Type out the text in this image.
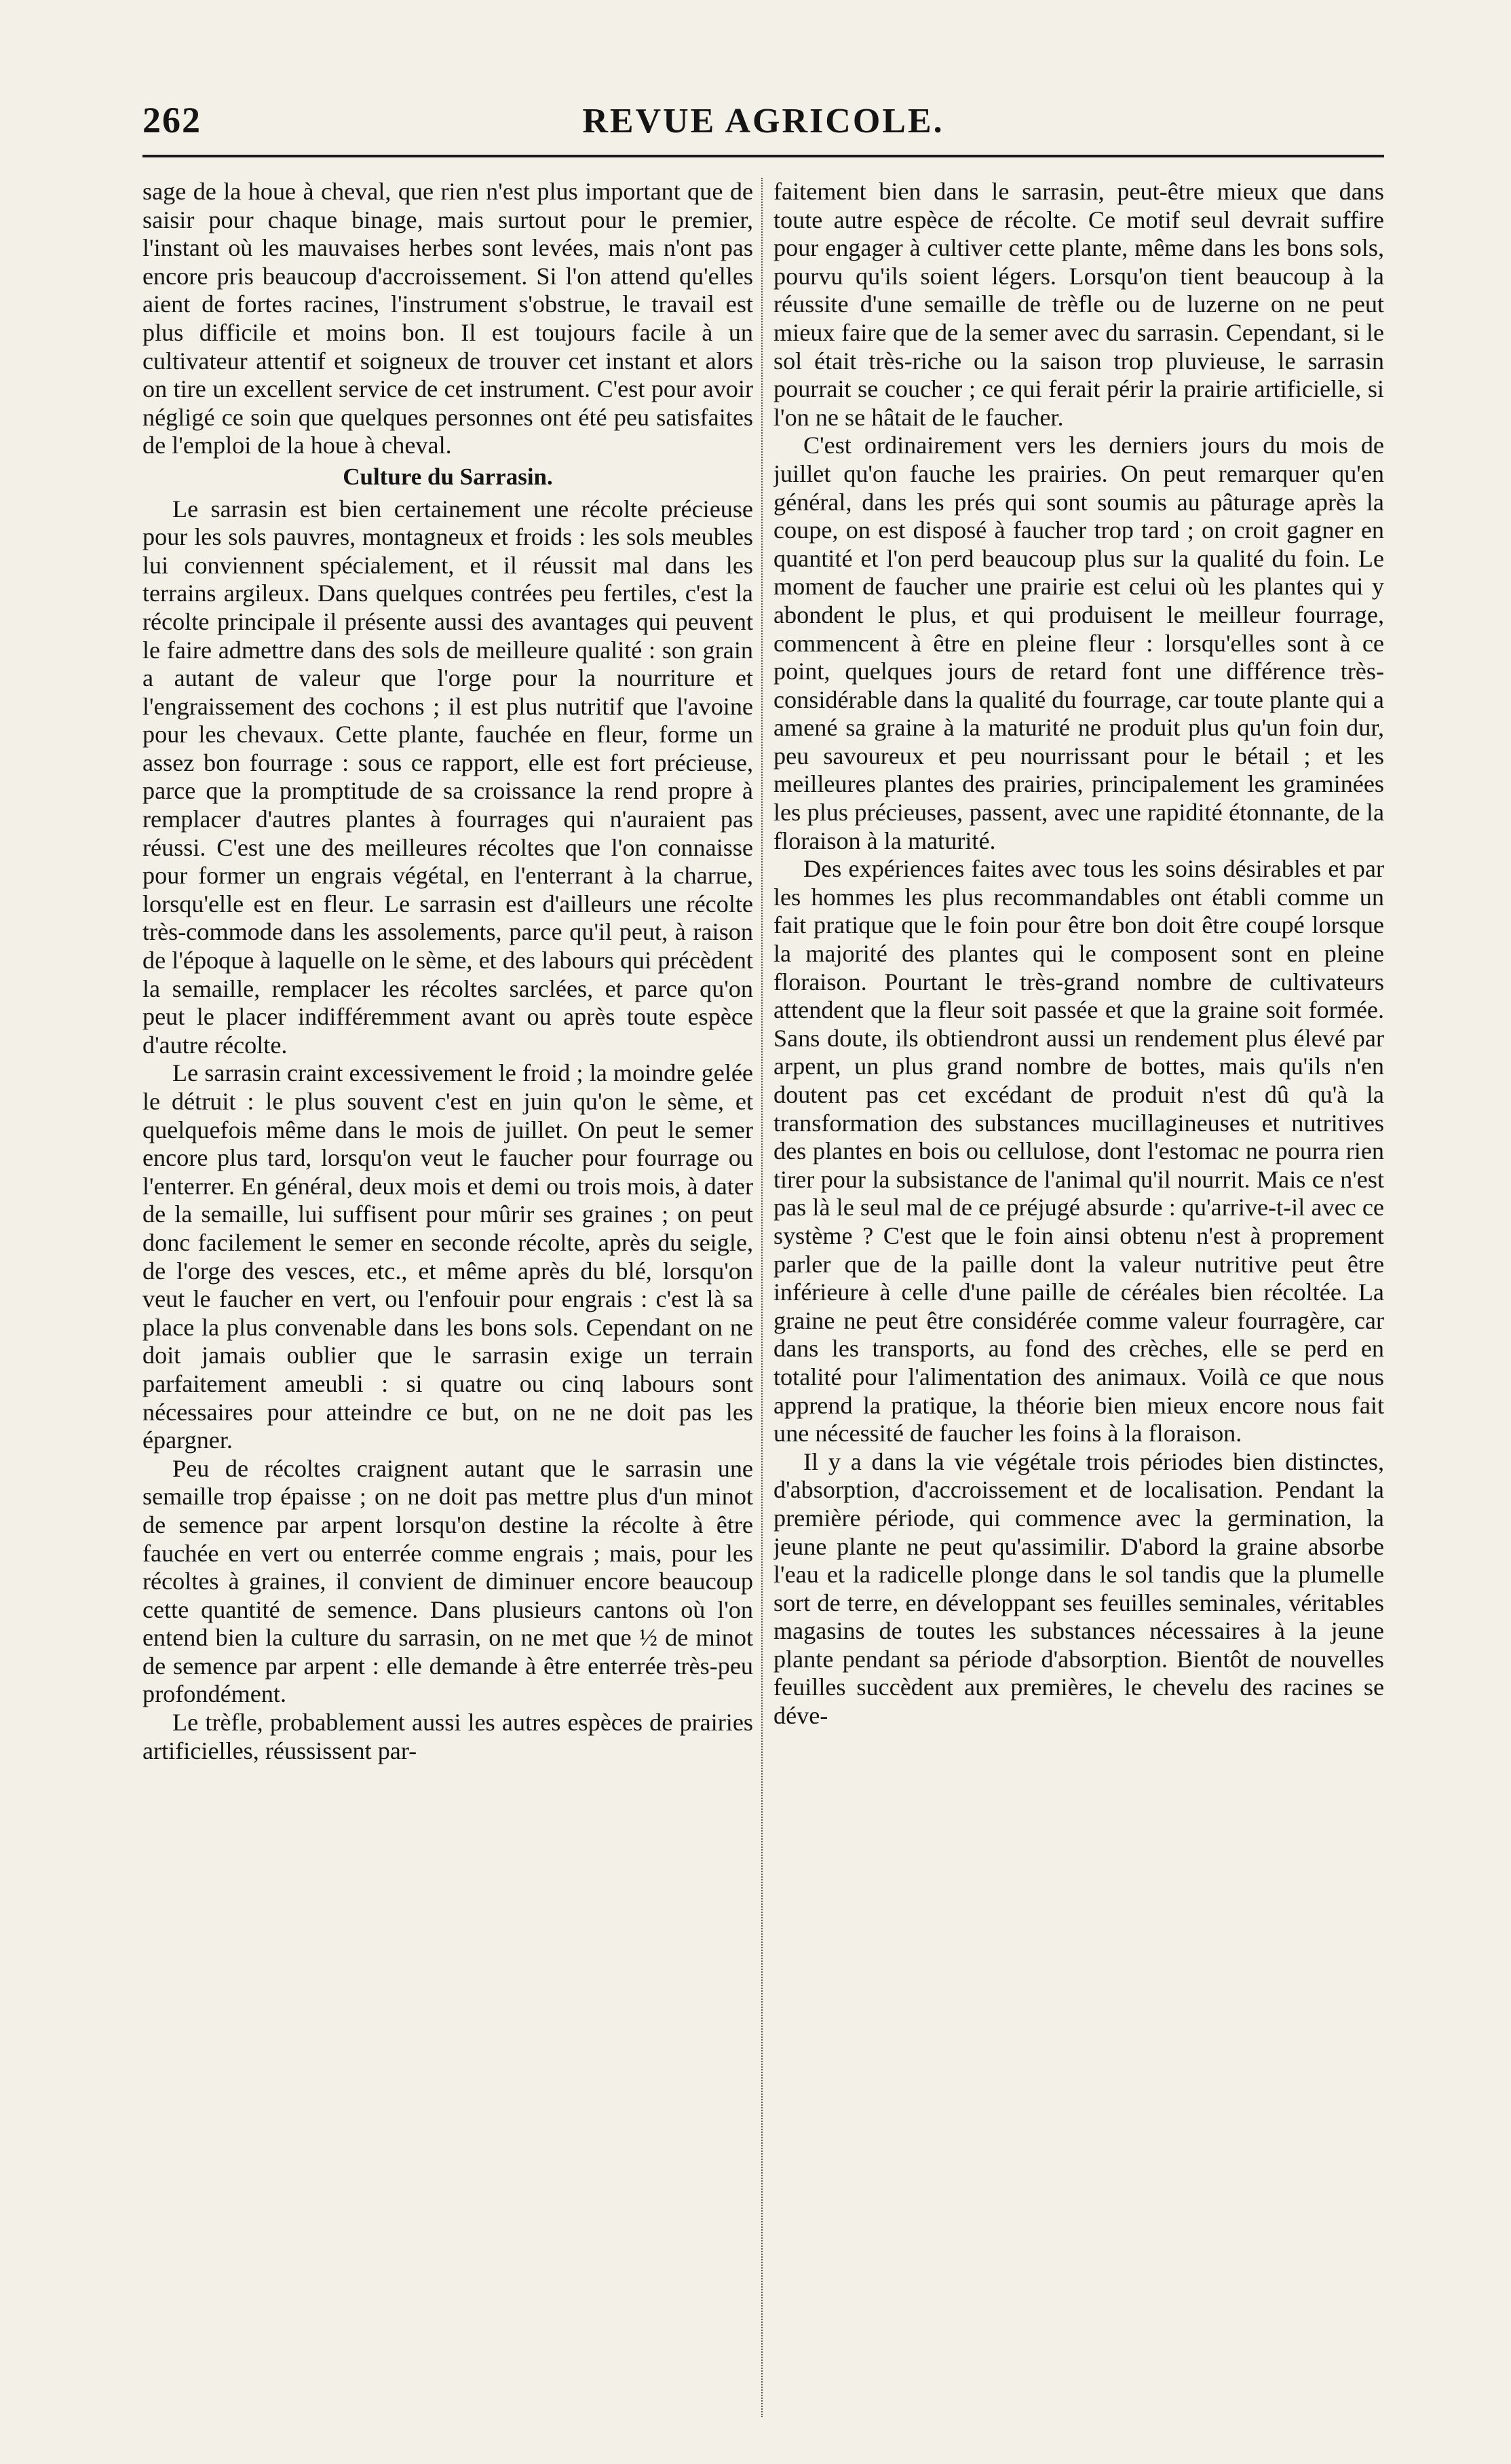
262	REVUE AGRICOLE.

sage de la houe à cheval, que rien n'est plus important que de saisir pour chaque binage, mais surtout pour le premier, l'instant où les mauvaises herbes sont levées, mais n'ont pas encore pris beaucoup d'accroissement. Si l'on attend qu'elles aient de fortes racines, l'instrument s'obstrue, le travail est plus difficile et moins bon. Il est toujours facile à un cultivateur attentif et soigneux de trouver cet instant et alors on tire un excellent service de cet instrument. C'est pour avoir négligé ce soin que quelques personnes ont été peu satisfaites de l'emploi de la houe à cheval.

Culture du Sarrasin.

Le sarrasin est bien certainement une récolte précieuse pour les sols pauvres, montagneux et froids : les sols meubles lui conviennent spécialement, et il réussit mal dans les terrains argileux. Dans quelques contrées peu fertiles, c'est la récolte principale il présente aussi des avantages qui peuvent le faire admettre dans des sols de meilleure qualité : son grain a autant de valeur que l'orge pour la nourriture et l'engraissement des cochons ; il est plus nutritif que l'avoine pour les chevaux. Cette plante, fauchée en fleur, forme un assez bon fourrage : sous ce rapport, elle est fort précieuse, parce que la promptitude de sa croissance la rend propre à remplacer d'autres plantes à fourrages qui n'auraient pas réussi. C'est une des meilleures récoltes que l'on connaisse pour former un engrais végétal, en l'enterrant à la charrue, lorsqu'elle est en fleur. Le sarrasin est d'ailleurs une récolte très-commode dans les assolements, parce qu'il peut, à raison de l'époque à laquelle on le sème, et des labours qui précèdent la semaille, remplacer les récoltes sarclées, et parce qu'on peut le placer indifféremment avant ou après toute espèce d'autre récolte.

Le sarrasin craint excessivement le froid ; la moindre gelée le détruit : le plus souvent c'est en juin qu'on le sème, et quelquefois même dans le mois de juillet. On peut le semer encore plus tard, lorsqu'on veut le faucher pour fourrage ou l'enterrer. En général, deux mois et demi ou trois mois, à dater de la semaille, lui suffisent pour mûrir ses graines ; on peut donc facilement le semer en seconde récolte, après du seigle, de l'orge des vesces, etc., et même après du blé, lorsqu'on veut le faucher en vert, ou l'enfouir pour engrais : c'est là sa place la plus convenable dans les bons sols. Cependant on ne doit jamais oublier que le sarrasin exige un terrain parfaitement ameubli : si quatre ou cinq labours sont nécessaires pour atteindre ce but, on ne ne doit pas les épargner.

Peu de récoltes craignent autant que le sarrasin une semaille trop épaisse ; on ne doit pas mettre plus d'un minot de semence par arpent lorsqu'on destine la récolte à être fauchée en vert ou enterrée comme engrais ; mais, pour les récoltes à graines, il convient de diminuer encore beaucoup cette quantité de semence. Dans plusieurs cantons où l'on entend bien la culture du sarrasin, on ne met que ½ de minot de semence par arpent : elle demande à être enterrée très-peu profondément.

Le trèfle, probablement aussi les autres espèces de prairies artificielles, réussissent par-

faitement bien dans le sarrasin, peut-être mieux que dans toute autre espèce de récolte. Ce motif seul devrait suffire pour engager à cultiver cette plante, même dans les bons sols, pourvu qu'ils soient légers. Lorsqu'on tient beaucoup à la réussite d'une semaille de trèfle ou de luzerne on ne peut mieux faire que de la semer avec du sarrasin. Cependant, si le sol était très-riche ou la saison trop pluvieuse, le sarrasin pourrait se coucher ; ce qui ferait périr la prairie artificielle, si l'on ne se hâtait de le faucher.

C'est ordinairement vers les derniers jours du mois de juillet qu'on fauche les prairies. On peut remarquer qu'en général, dans les prés qui sont soumis au pâturage après la coupe, on est disposé à faucher trop tard ; on croit gagner en quantité et l'on perd beaucoup plus sur la qualité du foin. Le moment de faucher une prairie est celui où les plantes qui y abondent le plus, et qui produisent le meilleur fourrage, commencent à être en pleine fleur : lorsqu'elles sont à ce point, quelques jours de retard font une différence très-considérable dans la qualité du fourrage, car toute plante qui a amené sa graine à la maturité ne produit plus qu'un foin dur, peu savoureux et peu nourrissant pour le bétail ; et les meilleures plantes des prairies, principalement les graminées les plus précieuses, passent, avec une rapidité étonnante, de la floraison à la maturité.

Des expériences faites avec tous les soins désirables et par les hommes les plus recommandables ont établi comme un fait pratique que le foin pour être bon doit être coupé lorsque la majorité des plantes qui le composent sont en pleine floraison. Pourtant le très-grand nombre de cultivateurs attendent que la fleur soit passée et que la graine soit formée. Sans doute, ils obtiendront aussi un rendement plus élevé par arpent, un plus grand nombre de bottes, mais qu'ils n'en doutent pas cet excédant de produit n'est dû qu'à la transformation des substances mucillagineuses et nutritives des plantes en bois ou cellulose, dont l'estomac ne pourra rien tirer pour la subsistance de l'animal qu'il nourrit. Mais ce n'est pas là le seul mal de ce préjugé absurde : qu'arrive-t-il avec ce système ? C'est que le foin ainsi obtenu n'est à proprement parler que de la paille dont la valeur nutritive peut être inférieure à celle d'une paille de céréales bien récoltée. La graine ne peut être considérée comme valeur fourragère, car dans les transports, au fond des crèches, elle se perd en totalité pour l'alimentation des animaux. Voilà ce que nous apprend la pratique, la théorie bien mieux encore nous fait une nécessité de faucher les foins à la floraison.

Il y a dans la vie végétale trois périodes bien distinctes, d'absorption, d'accroissement et de localisation. Pendant la première période, qui commence avec la germination, la jeune plante ne peut qu'assimilir. D'abord la graine absorbe l'eau et la radicelle plonge dans le sol tandis que la plumelle sort de terre, en développant ses feuilles seminales, véritables magasins de toutes les substances nécessaires à la jeune plante pendant sa période d'absorption. Bientôt de nouvelles feuilles succèdent aux premières, le chevelu des racines se déve-
